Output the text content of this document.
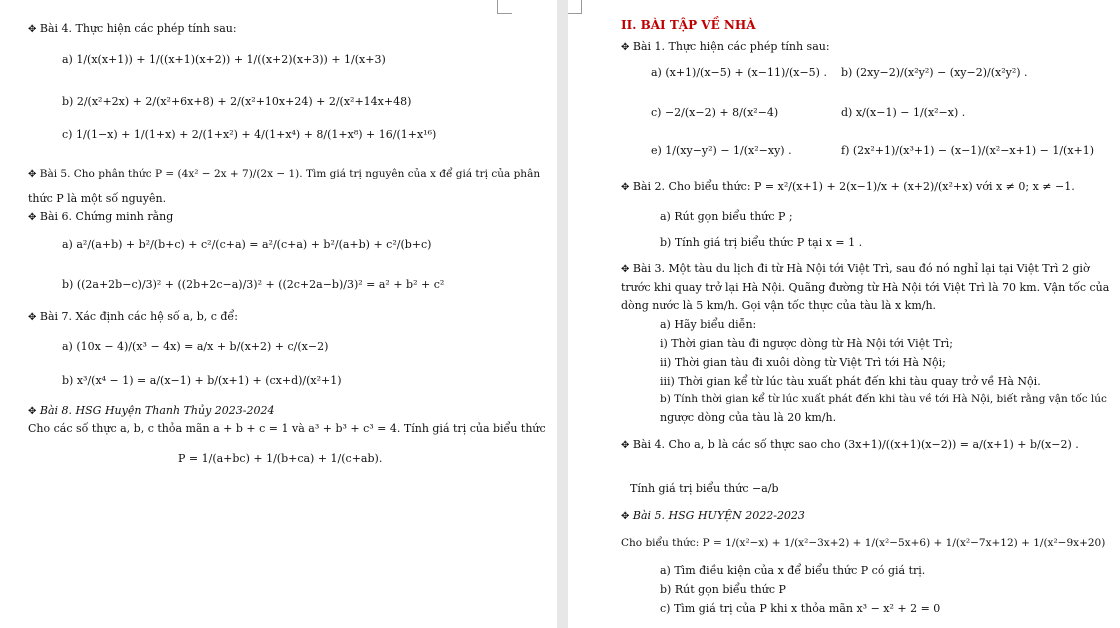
✥ Bài 4. Thực hiện các phép tính sau:
a) 1/(x(x+1)) + 1/((x+1)(x+2)) + 1/((x+2)(x+3)) + 1/(x+3)
b) 2/(x²+2x) + 2/(x²+6x+8) + 2/(x²+10x+24) + 2/(x²+14x+48)
c) 1/(1−x) + 1/(1+x) + 2/(1+x²) + 4/(1+x⁴) + 8/(1+x⁸) + 16/(1+x¹⁶)
✥ Bài 5. Cho phân thức P = (4x² − 2x + 7)/(2x − 1). Tìm giá trị nguyên của x để giá trị của phân
thức P là một số nguyên.
✥ Bài 6. Chứng minh rằng
a) a²/(a+b) + b²/(b+c) + c²/(c+a) = a²/(c+a) + b²/(a+b) + c²/(b+c)
b) ((2a+2b−c)/3)² + ((2b+2c−a)/3)² + ((2c+2a−b)/3)² = a² + b² + c²
✥ Bài 7. Xác định các hệ số a, b, c để:
a) (10x − 4)/(x³ − 4x) = a/x + b/(x+2) + c/(x−2)
b) x³/(x⁴ − 1) = a/(x−1) + b/(x+1) + (cx+d)/(x²+1)
✥ Bài 8. HSG Huyện Thanh Thủy 2023-2024
Cho các số thực a, b, c thỏa mãn a + b + c = 1 và a³ + b³ + c³ = 4. Tính giá trị của biểu thức
P = 1/(a+bc) + 1/(b+ca) + 1/(c+ab).
II. BÀI TẬP VỀ NHÀ
✥ Bài 1. Thực hiện các phép tính sau:
a) (x+1)/(x−5) + (x−11)/(x−5) . b) (2xy−2)/(x²y²) − (xy−2)/(x²y²) .
c) −2/(x−2) + 8/(x²−4)	d) x/(x−1) − 1/(x²−x) .
e) 1/(xy−y²) − 1/(x²−xy) .	f) (2x²+1)/(x³+1) − (x−1)/(x²−x+1) − 1/(x+1)
✥ Bài 2. Cho biểu thức: P = x²/(x+1) + 2(x−1)/x + (x+2)/(x²+x) với x ≠ 0; x ≠ −1.
a) Rút gọn biểu thức P ;
b) Tính giá trị biểu thức P tại x = 1 .
✥ Bài 3. Một tàu du lịch đi từ Hà Nội tới Việt Trì, sau đó nó nghỉ lại tại Việt Trì 2 giờ
trước khi quay trở lại Hà Nội. Quãng đường từ Hà Nội tới Việt Trì là 70 km. Vận tốc của
dòng nước là 5 km/h. Gọi vận tốc thực của tàu là x km/h.
a) Hãy biểu diễn:
i) Thời gian tàu đi ngược dòng từ Hà Nội tới Việt Trì;
ii) Thời gian tàu đi xuôi dòng từ Việt Trì tới Hà Nội;
iii) Thời gian kể từ lúc tàu xuất phát đến khi tàu quay trở về Hà Nội.
b) Tính thời gian kể từ lúc xuất phát đến khi tàu về tới Hà Nội, biết rằng vận tốc lúc
ngược dòng của tàu là 20 km/h.
✥ Bài 4. Cho a, b là các số thực sao cho (3x+1)/((x+1)(x−2)) = a/(x+1) + b/(x−2) .
Tính giá trị biểu thức −a/b
✥ Bài 5. HSG HUYỆN 2022-2023
Cho biểu thức: P = 1/(x²−x) + 1/(x²−3x+2) + 1/(x²−5x+6) + 1/(x²−7x+12) + 1/(x²−9x+20)
a) Tìm điều kiện của x để biểu thức P có giá trị.
b) Rút gọn biểu thức P
c) Tìm giá trị của P khi x thỏa mãn x³ − x² + 2 = 0
